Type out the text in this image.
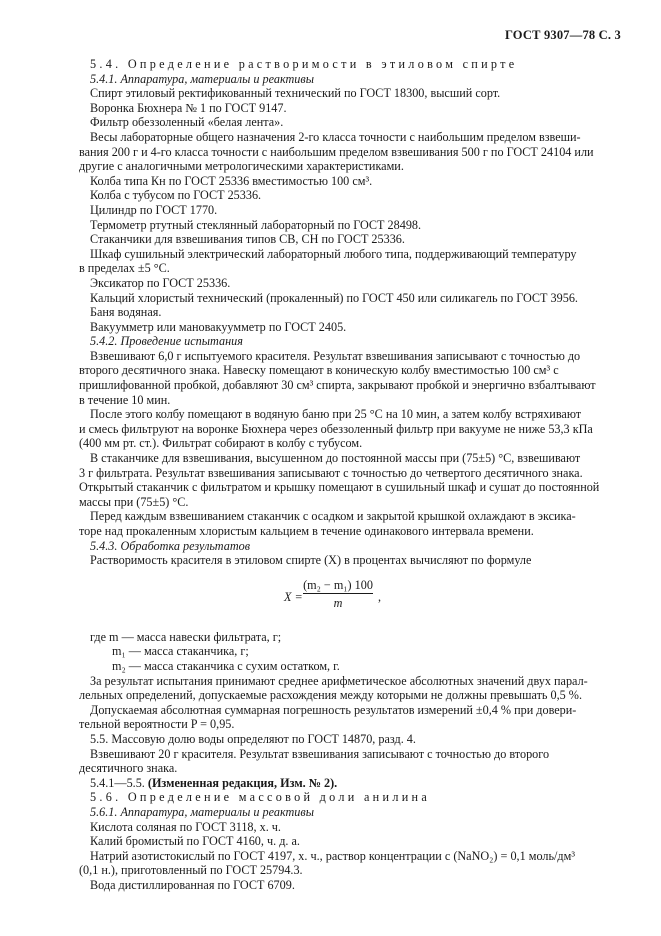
ГОСТ 9307—78 С. 3

5.4. Определение растворимости в этиловом спирте

5.4.1. Аппаратура, материалы и реактивы

Спирт этиловый ректификованный технический по ГОСТ 18300, высший сорт.

Воронка Бюхнера № 1 по ГОСТ 9147.

Фильтр обеззоленный «белая лента».

Весы лабораторные общего назначения 2-го класса точности с наибольшим пределом взвеши-

вания 200 г и 4-го класса точности с наибольшим пределом взвешивания 500 г по ГОСТ 24104 или

другие с аналогичными метрологическими характеристиками.

Колба типа Кн по ГОСТ 25336 вместимостью 100 см³.

Колба с тубусом по ГОСТ 25336.

Цилиндр по ГОСТ 1770.

Термометр ртутный стеклянный лабораторный по ГОСТ 28498.

Стаканчики для взвешивания типов СВ, СН по ГОСТ 25336.

Шкаф сушильный электрический лабораторный любого типа, поддерживающий температуру

в пределах ±5 °С.

Эксикатор по ГОСТ 25336.

Кальций хлористый технический (прокаленный) по ГОСТ 450 или силикагель по ГОСТ 3956.

Баня водяная.

Вакуумметр или мановакуумметр по ГОСТ 2405.

5.4.2. Проведение испытания

Взвешивают 6,0 г испытуемого красителя. Результат взвешивания записывают с точностью до

второго десятичного знака. Навеску помещают в коническую колбу вместимостью 100 см³ с

пришлифованной пробкой, добавляют 30 см³ спирта, закрывают пробкой и энергично взбалтывают

в течение 10 мин.

После этого колбу помещают в водяную баню при 25 °С на 10 мин, а затем колбу встряхивают

и смесь фильтруют на воронке Бюхнера через обеззоленный фильтр при вакууме не ниже 53,3 кПа

(400 мм рт. ст.). Фильтрат собирают в колбу с тубусом.

В стаканчике для взвешивания, высушенном до постоянной массы при (75±5) °С, взвешивают

3 г фильтрата. Результат взвешивания записывают с точностью до четвертого десятичного знака.

Открытый стаканчик с фильтратом и крышку помещают в сушильный шкаф и сушат до постоянной

массы при (75±5) °С.

Перед каждым взвешиванием стаканчик с осадком и закрытой крышкой охлаждают в эксика-

торе над прокаленным хлористым кальцием в течение одинакового интервала времени.

5.4.3. Обработка результатов

Растворимость красителя в этиловом спирте (X) в процентах вычисляют по формуле

$X = \frac{\text{(m₂ − m₁) 100}}{m}$ ,

где m — масса навески фильтрата, г;

m₁ — масса стаканчика, г;

m₂ — масса стаканчика с сухим остатком, г.

За результат испытания принимают среднее арифметическое абсолютных значений двух парал-

лельных определений, допускаемые расхождения между которыми не должны превышать 0,5 %.

Допускаемая абсолютная суммарная погрешность результатов измерений ±0,4 % при довери-

тельной вероятности P = 0,95.

5.5. Массовую долю воды определяют по ГОСТ 14870, разд. 4.

Взвешивают 20 г красителя. Результат взвешивания записывают с точностью до второго

десятичного знака.

5.4.1—5.5. (Измененная редакция, Изм. № 2).

5.6. Определение массовой доли анилина

5.6.1. Аппаратура, материалы и реактивы

Кислота соляная по ГОСТ 3118, х. ч.

Калий бромистый по ГОСТ 4160, ч. д. а.

Натрий азотистокислый по ГОСТ 4197, х. ч., раствор концентрации c (NaNO₂) = 0,1 моль/дм³

(0,1 н.), приготовленный по ГОСТ 25794.3.

Вода дистиллированная по ГОСТ 6709.
